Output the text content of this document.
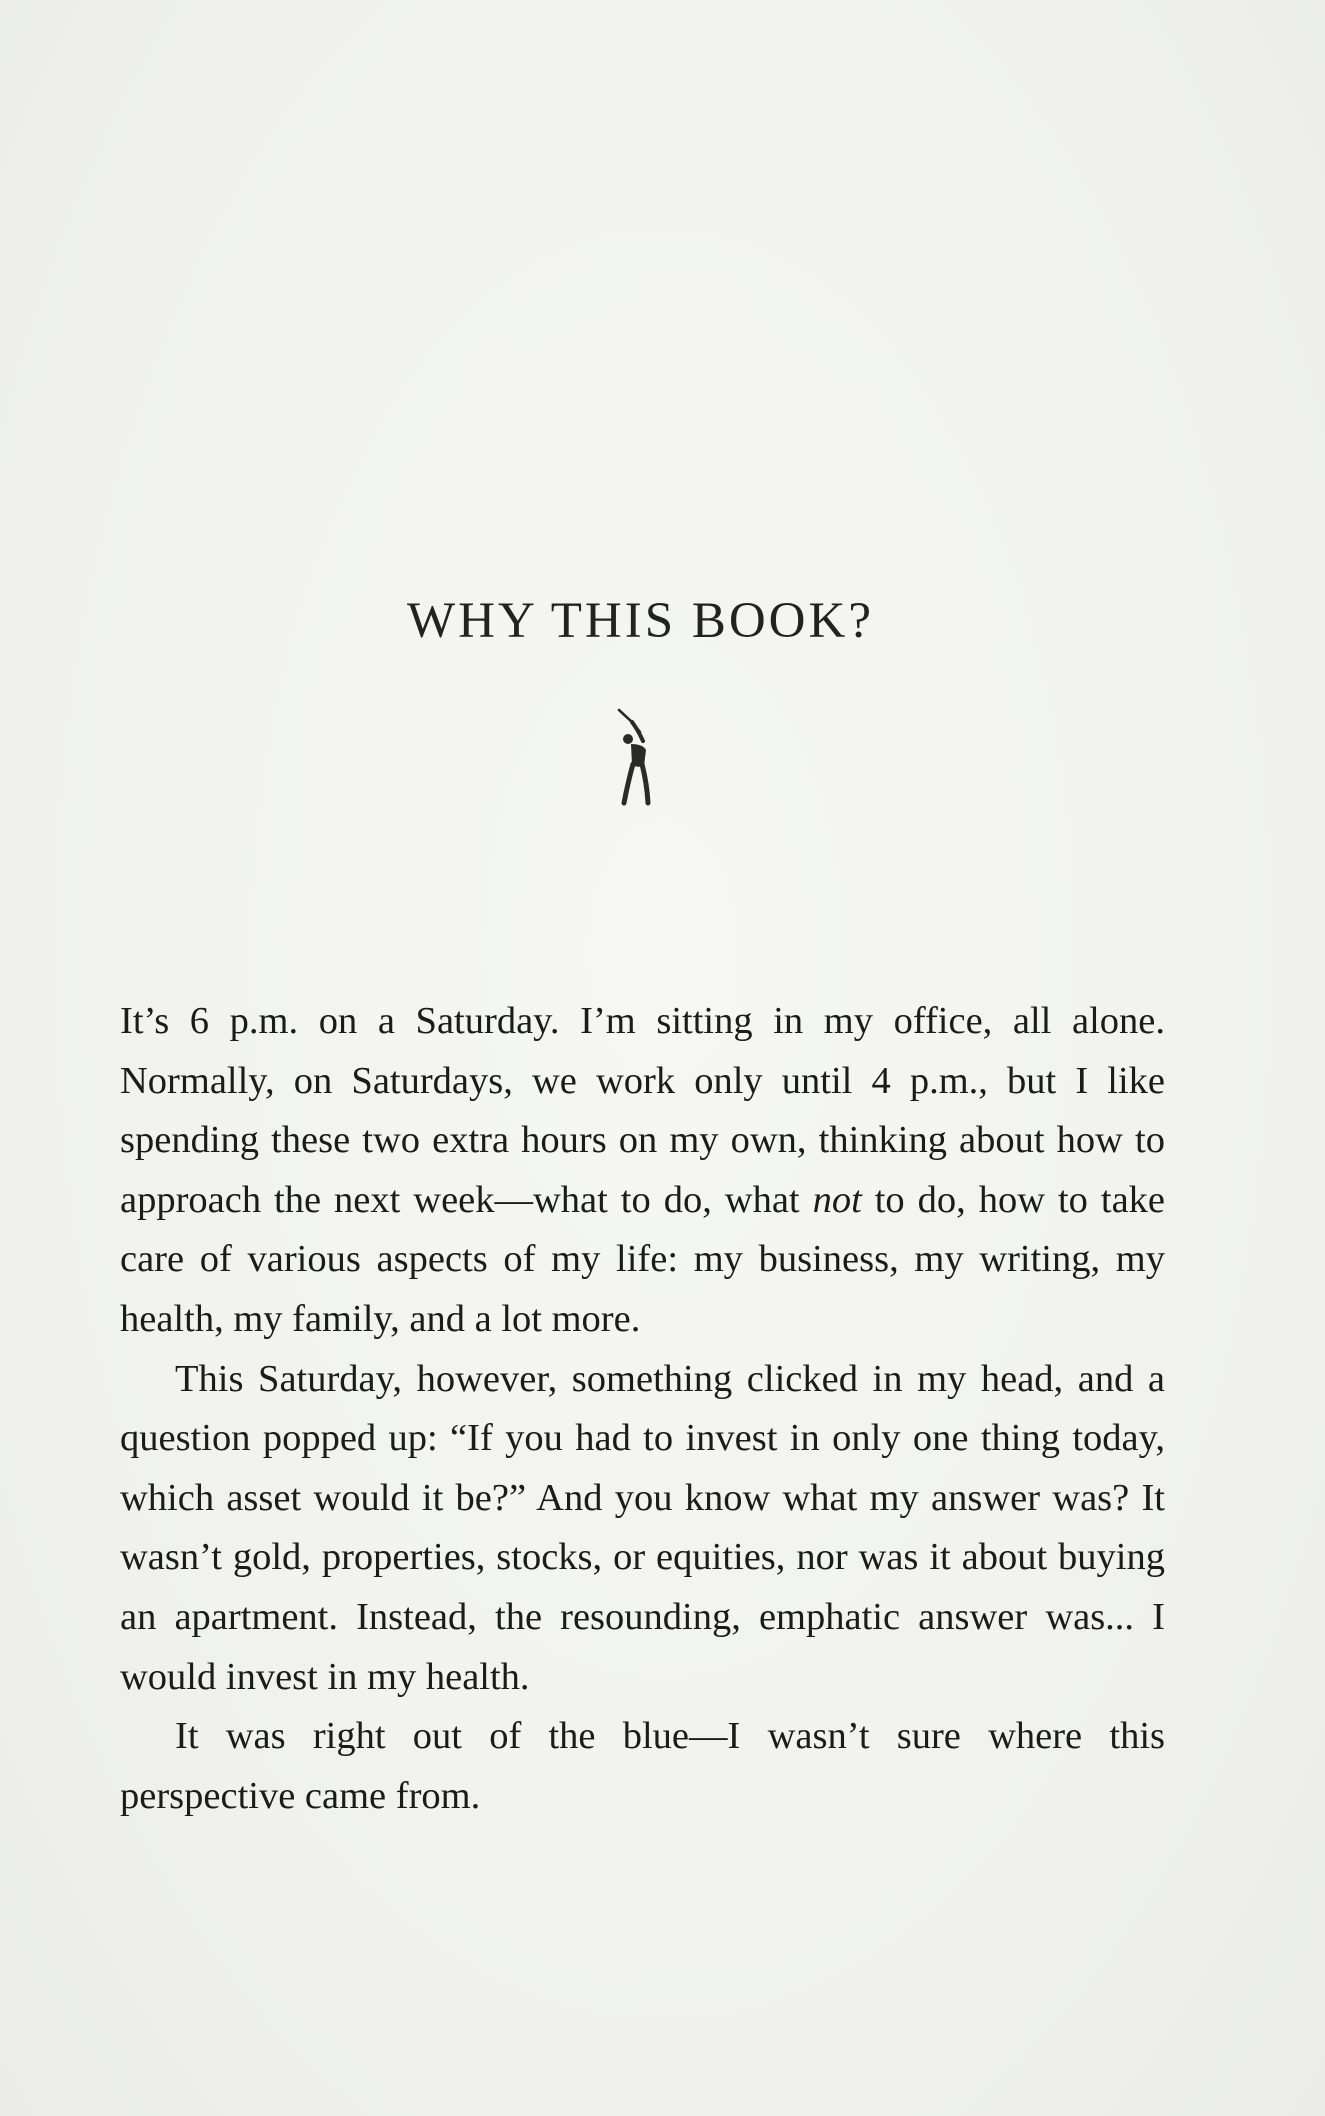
WHY THIS BOOK?

It’s 6 p.m. on a Saturday. I’m sitting in my office, all alone. Normally, on Saturdays, we work only until 4 p.m., but I like spending these two extra hours on my own, thinking about how to approach the next week—what to do, what not to do, how to take care of various aspects of my life: my business, my writing, my health, my family, and a lot more.

This Saturday, however, something clicked in my head, and a question popped up: “If you had to invest in only one thing today, which asset would it be?” And you know what my answer was? It wasn’t gold, properties, stocks, or equities, nor was it about buying an apartment. Instead, the resounding, emphatic answer was... I would invest in my health.

It was right out of the blue—I wasn’t sure where this perspective came from.
